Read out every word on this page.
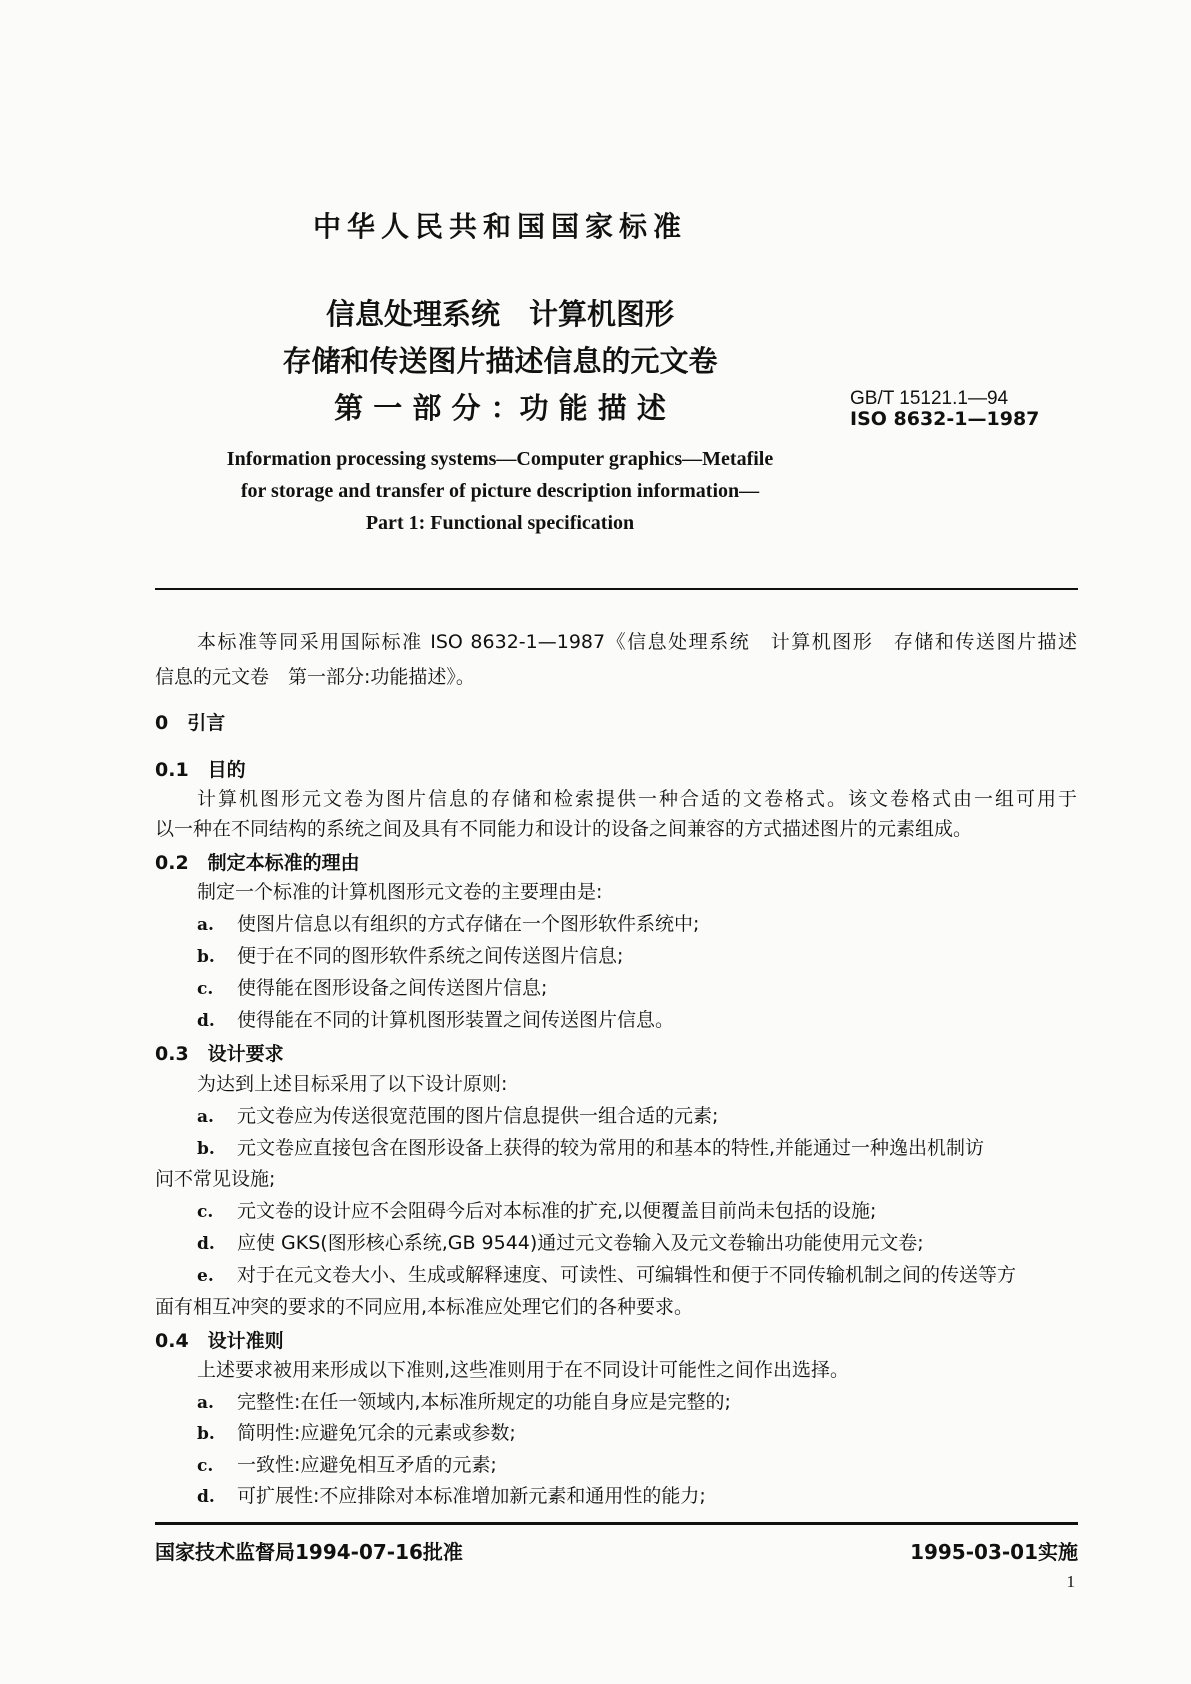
中华人民共和国国家标准
信息处理系统　计算机图形
存储和传送图片描述信息的元文卷
第 一 部 分 ：功 能 描 述	GB/T 15121.1—94
ISO 8632-1—1987
Information processing systems—Computer graphics—Metafile
for storage and transfer of picture description information—
Part 1: Functional specification
本标准等同采用国际标准 ISO 8632-1—1987《信息处理系统　计算机图形　存储和传送图片描述
信息的元文卷　第一部分:功能描述》。
0　引言
0.1　目的
计算机图形元文卷为图片信息的存储和检索提供一种合适的文卷格式。该文卷格式由一组可用于
以一种在不同结构的系统之间及具有不同能力和设计的设备之间兼容的方式描述图片的元素组成。
0.2　制定本标准的理由
制定一个标准的计算机图形元文卷的主要理由是:
a. 使图片信息以有组织的方式存储在一个图形软件系统中;
b. 便于在不同的图形软件系统之间传送图片信息;
c. 使得能在图形设备之间传送图片信息;
d. 使得能在不同的计算机图形装置之间传送图片信息。
0.3　设计要求
为达到上述目标采用了以下设计原则:
a. 元文卷应为传送很宽范围的图片信息提供一组合适的元素;
b. 元文卷应直接包含在图形设备上获得的较为常用的和基本的特性,并能通过一种逸出机制访
问不常见设施;
c. 元文卷的设计应不会阻碍今后对本标准的扩充,以便覆盖目前尚未包括的设施;
d. 应使 GKS(图形核心系统,GB 9544)通过元文卷输入及元文卷输出功能使用元文卷;
e. 对于在元文卷大小、生成或解释速度、可读性、可编辑性和便于不同传输机制之间的传送等方
面有相互冲突的要求的不同应用,本标准应处理它们的各种要求。
0.4　设计准则
上述要求被用来形成以下准则,这些准则用于在不同设计可能性之间作出选择。
a. 完整性:在任一领域内,本标准所规定的功能自身应是完整的;
b. 简明性:应避免冗余的元素或参数;
c. 一致性:应避免相互矛盾的元素;
d. 可扩展性:不应排除对本标准增加新元素和通用性的能力;
国家技术监督局1994-07-16批准	1995-03-01实施
1
